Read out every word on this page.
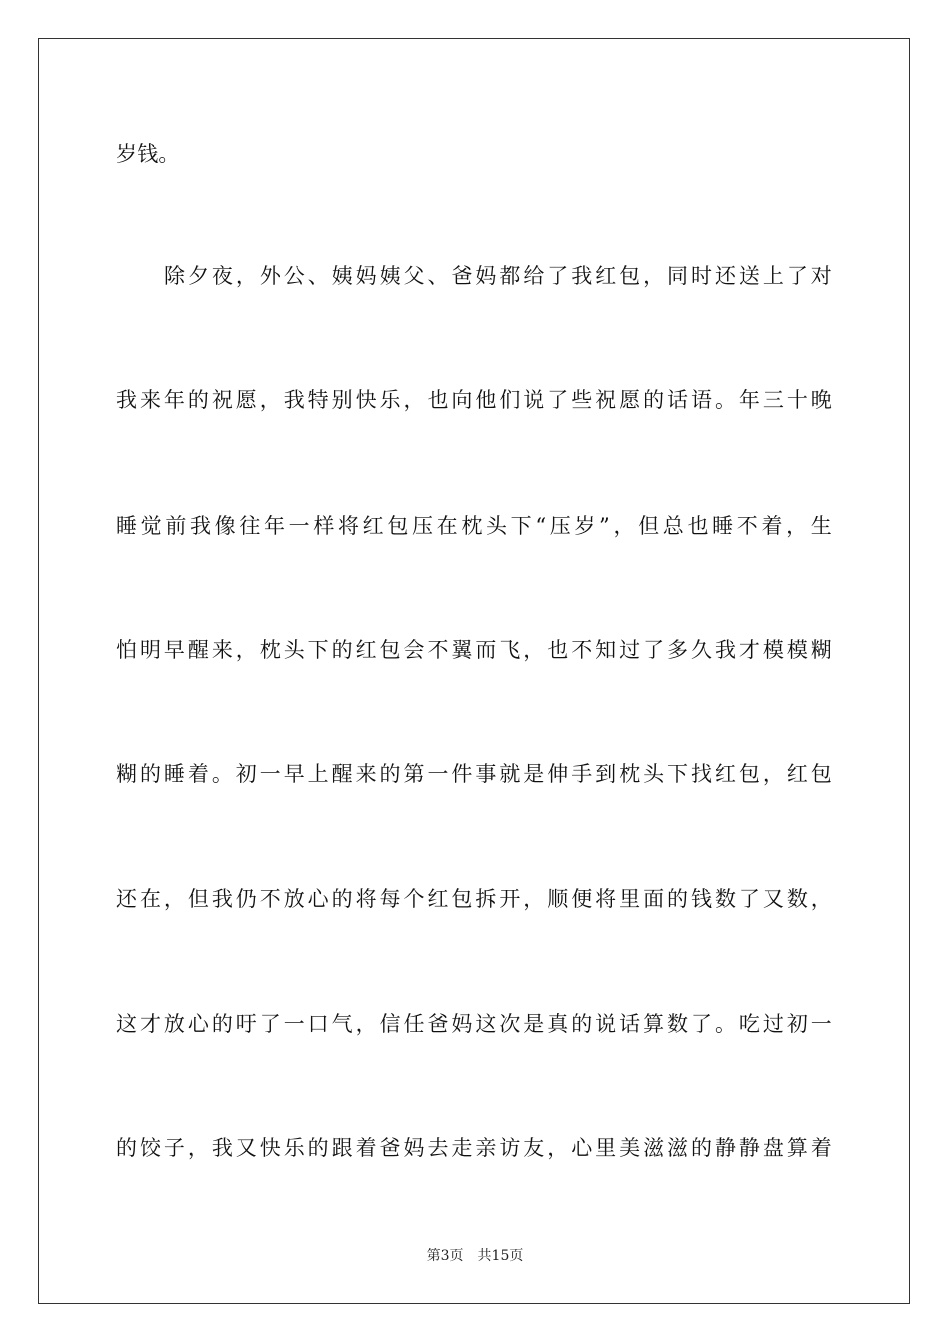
岁钱。
除夕夜，外公、姨妈姨父、爸妈都给了我红包，同时还送上了对
我来年的祝愿，我特别快乐，也向他们说了些祝愿的话语。年三十晚
睡觉前我像往年一样将红包压在枕头下“压岁”，但总也睡不着，生
怕明早醒来，枕头下的红包会不翼而飞，也不知过了多久我才模模糊
糊的睡着。初一早上醒来的第一件事就是伸手到枕头下找红包，红包
还在，但我仍不放心的将每个红包拆开，顺便将里面的钱数了又数，
这才放心的吁了一口气，信任爸妈这次是真的说话算数了。吃过初一
的饺子，我又快乐的跟着爸妈去走亲访友，心里美滋滋的静静盘算着
第3页 共15页
